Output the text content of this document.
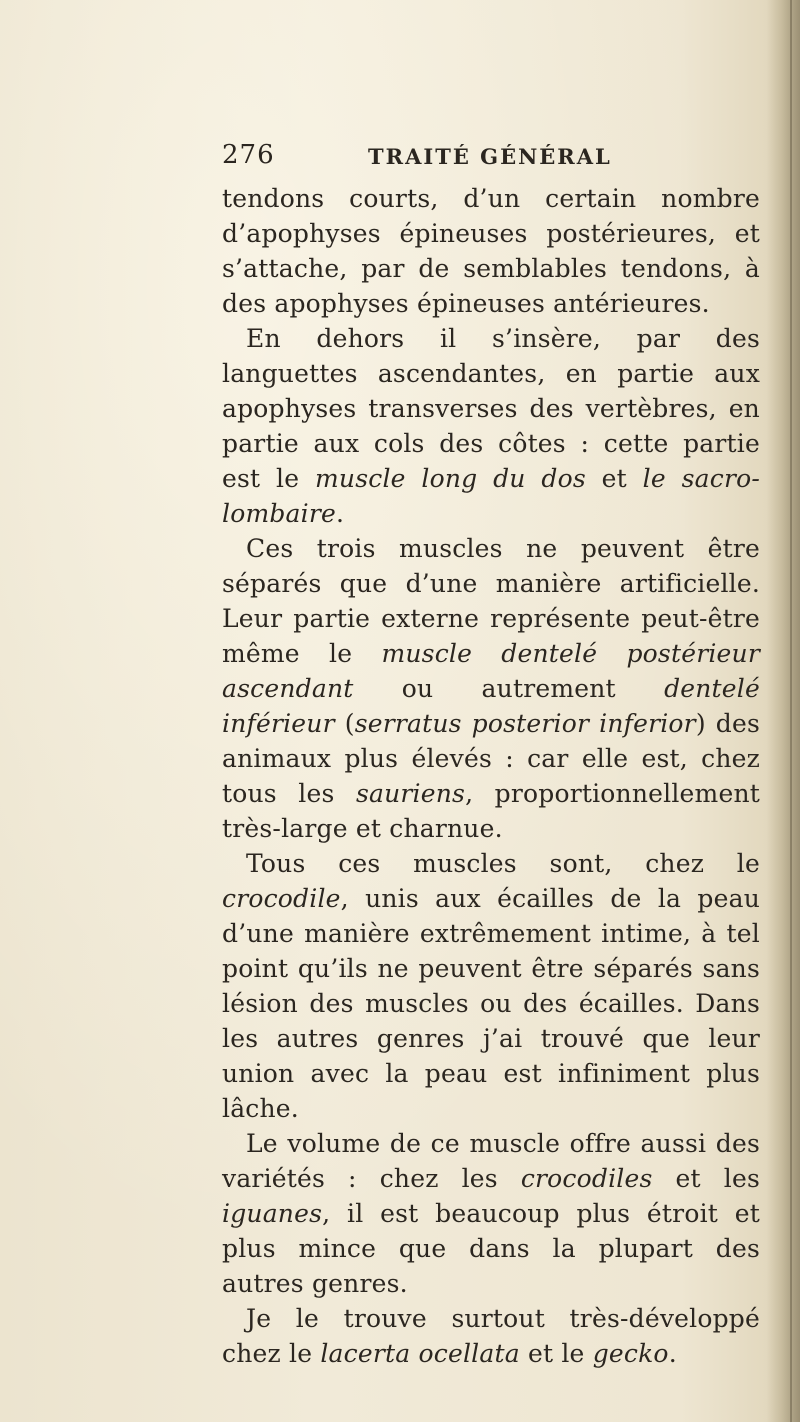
276	TRAITÉ GÉNÉRAL

tendons courts, d’un certain nombre d’apophyses épineuses postérieures, et s’attache, par de semblables tendons, à des apophyses épineuses antérieures.

En dehors il s’insère, par des languettes ascendantes, en partie aux apophyses transverses des vertèbres, en partie aux cols des côtes : cette partie est le muscle long du dos et le sacro-lombaire.

Ces trois muscles ne peuvent être séparés que d’une manière artificielle. Leur partie externe représente peut-être même le muscle dentelé postérieur ascendant ou autrement dentelé inférieur (serratus posterior inferior) des animaux plus élevés : car elle est, chez tous les sauriens, proportionnellement très-large et charnue.

Tous ces muscles sont, chez le crocodile, unis aux écailles de la peau d’une manière extrêmement intime, à tel point qu’ils ne peuvent être séparés sans lésion des muscles ou des écailles. Dans les autres genres j’ai trouvé que leur union avec la peau est infiniment plus lâche.

Le volume de ce muscle offre aussi des variétés : chez les crocodiles et les iguanes, il est beaucoup plus étroit et plus mince que dans la plupart des autres genres.

Je le trouve surtout très-développé chez le lacerta ocellata et le gecko.
